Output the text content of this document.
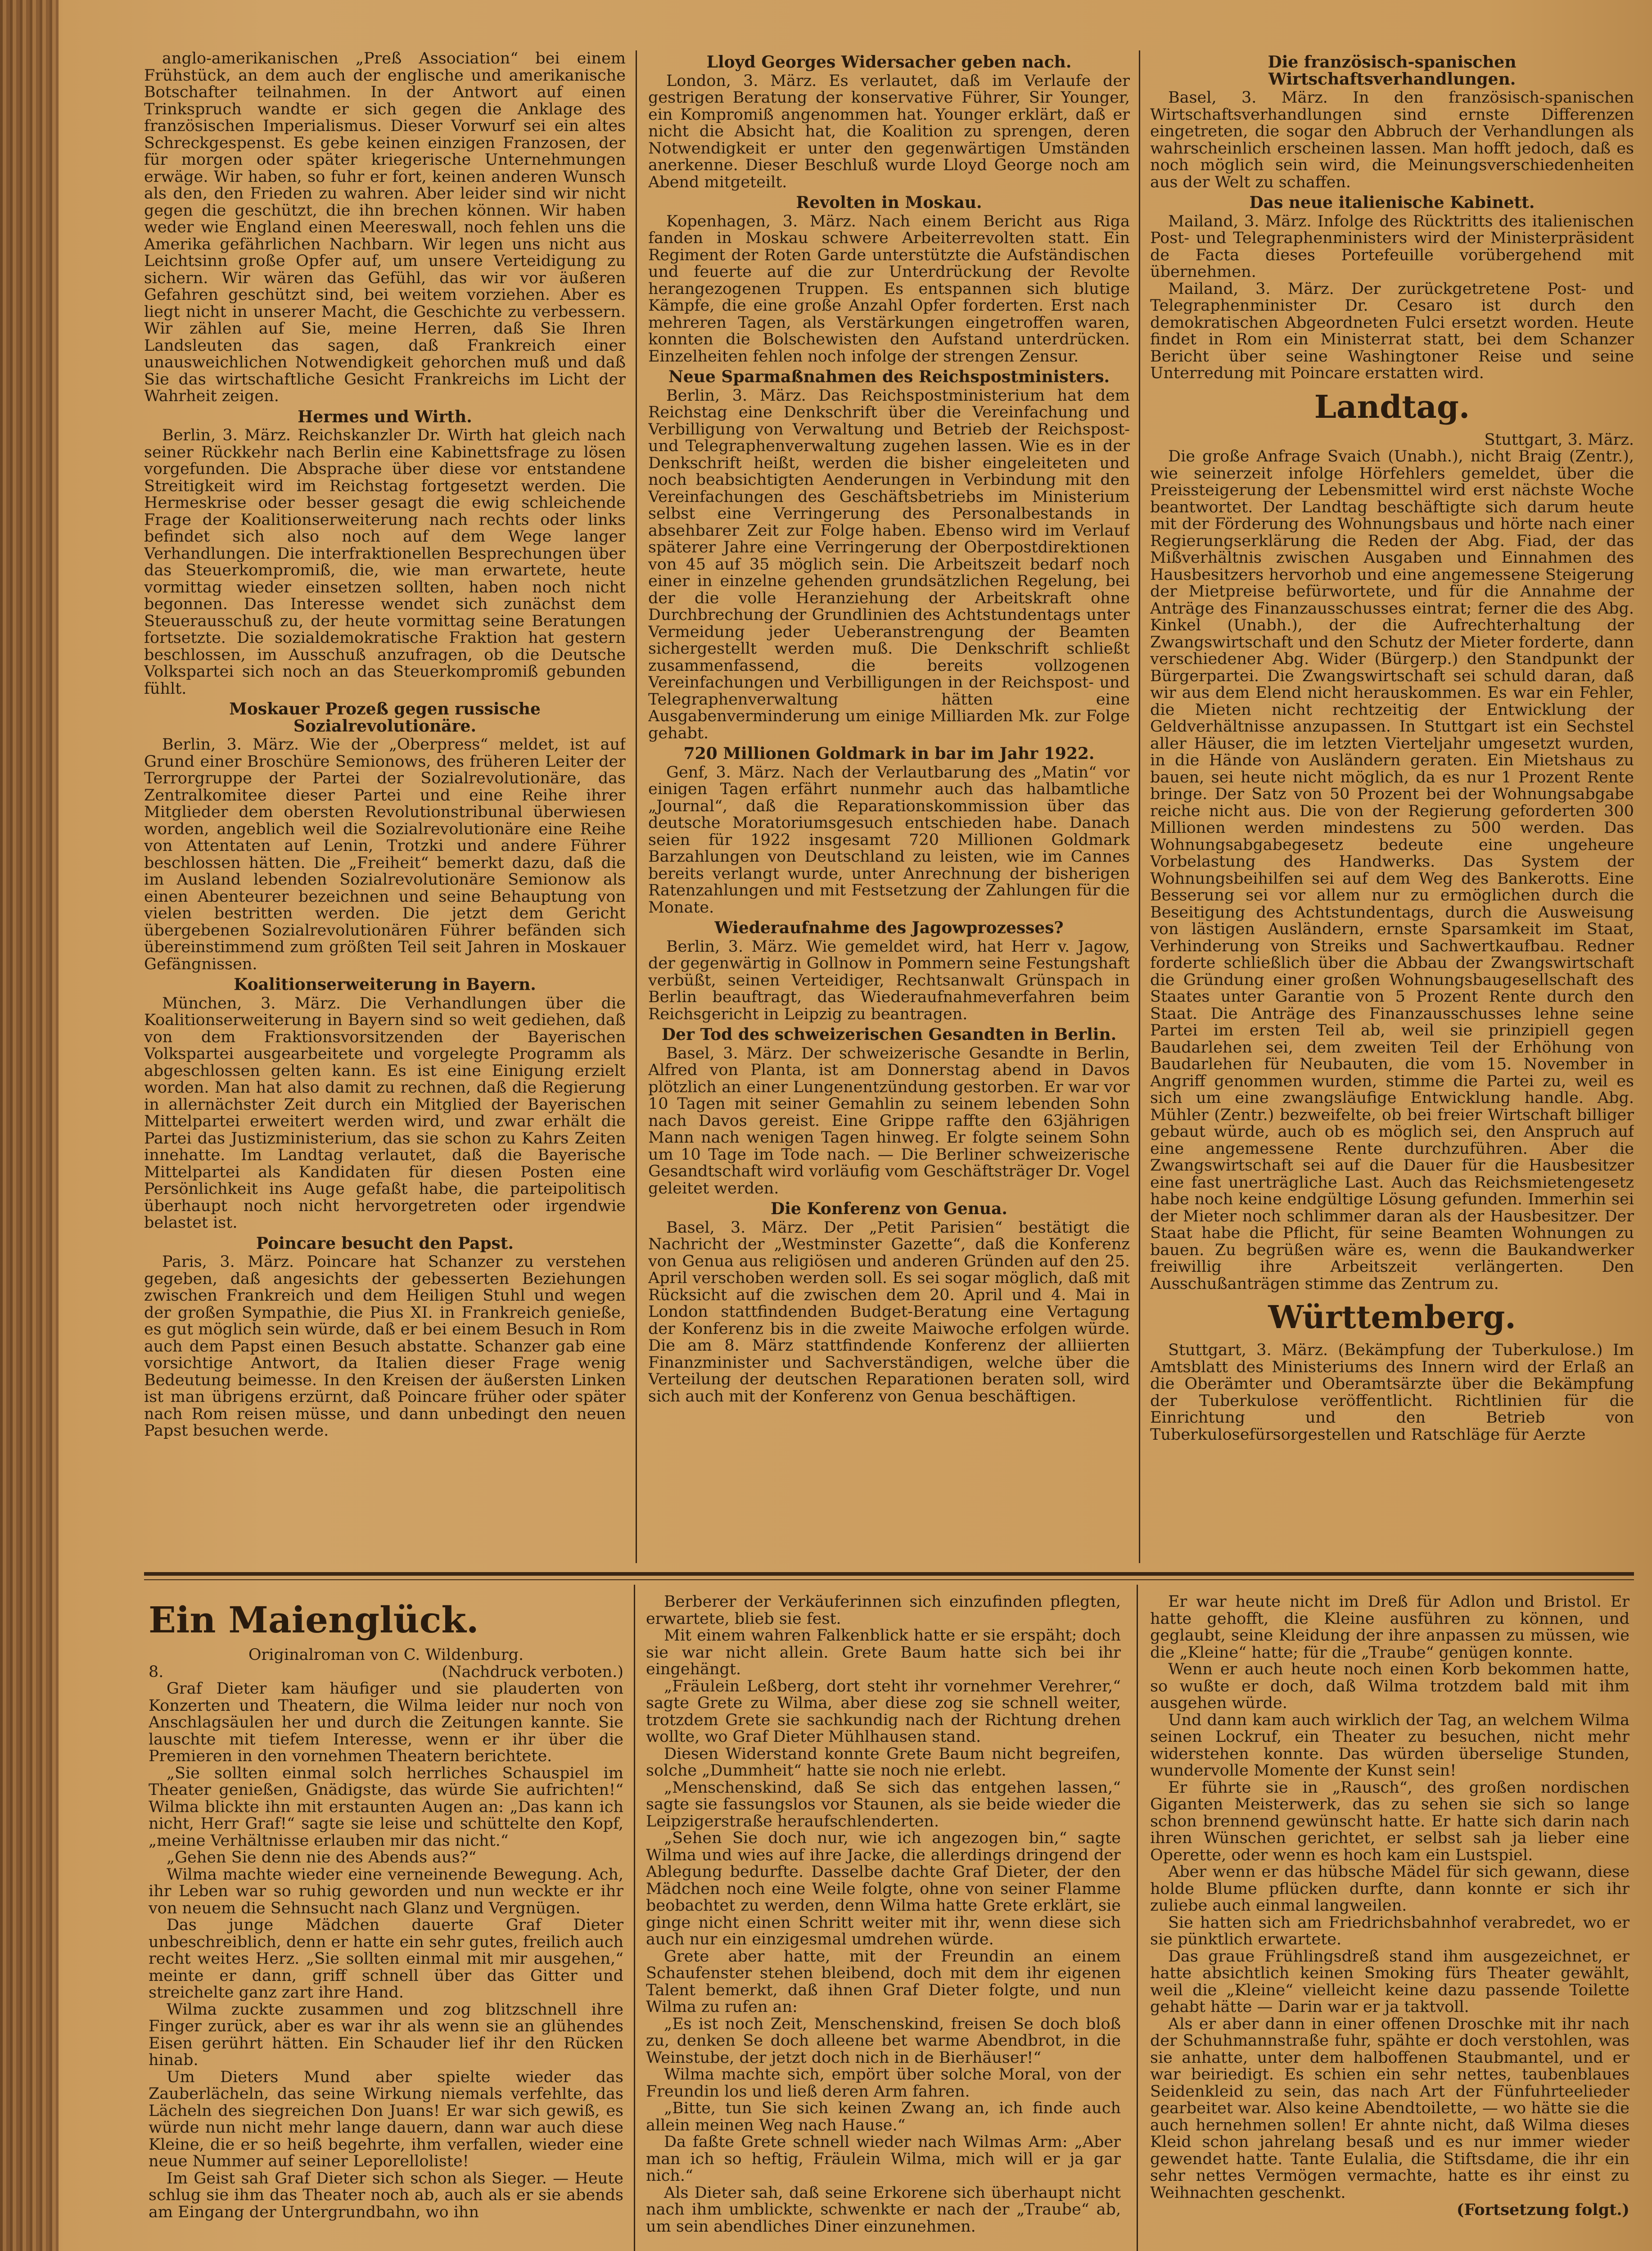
anglo-amerikanischen „Preß Association“ bei einem Frühstück, an dem auch der englische und amerikanische Botschafter teilnahmen. In der Antwort auf einen Trinkspruch wandte er sich gegen die Anklage des französischen Imperialismus. Dieser Vorwurf sei ein altes Schreckgespenst. Es gebe keinen einzigen Franzosen, der für morgen oder später kriegerische Unternehmungen erwäge. Wir haben, so fuhr er fort, keinen anderen Wunsch als den, den Frieden zu wahren. Aber leider sind wir nicht gegen die geschützt, die ihn brechen können. Wir haben weder wie England einen Meereswall, noch fehlen uns die Amerika gefährlichen Nachbarn. Wir legen uns nicht aus Leichtsinn große Opfer auf, um unsere Verteidigung zu sichern. Wir wären das Gefühl, das wir vor äußeren Gefahren geschützt sind, bei weitem vorziehen. Aber es liegt nicht in unserer Macht, die Geschichte zu verbessern. Wir zählen auf Sie, meine Herren, daß Sie Ihren Landsleuten das sagen, daß Frankreich einer unausweichlichen Notwendigkeit gehorchen muß und daß Sie das wirtschaftliche Gesicht Frankreichs im Licht der Wahrheit zeigen.

Hermes und Wirth.

Berlin, 3. März. Reichskanzler Dr. Wirth hat gleich nach seiner Rückkehr nach Berlin eine Kabinettsfrage zu lösen vorgefunden. Die Absprache über diese vor entstandene Streitigkeit wird im Reichstag fortgesetzt werden. Die Hermeskrise oder besser gesagt die ewig schleichende Frage der Koalitionserweiterung nach rechts oder links befindet sich also noch auf dem Wege langer Verhandlungen. Die interfraktionellen Besprechungen über das Steuerkompromiß, die, wie man erwartete, heute vormittag wieder einsetzen sollten, haben noch nicht begonnen. Das Interesse wendet sich zunächst dem Steuerausschuß zu, der heute vormittag seine Beratungen fortsetzte. Die sozialdemokratische Fraktion hat gestern beschlossen, im Ausschuß anzufragen, ob die Deutsche Volkspartei sich noch an das Steuerkompromiß gebunden fühlt.

Moskauer Prozeß gegen russische Sozialrevolutionäre.

Berlin, 3. März. Wie der „Oberpress“ meldet, ist auf Grund einer Broschüre Semionows, des früheren Leiter der Terrorgruppe der Partei der Sozialrevolutionäre, das Zentralkomitee dieser Partei und eine Reihe ihrer Mitglieder dem obersten Revolutionstribunal überwiesen worden, angeblich weil die Sozialrevolutionäre eine Reihe von Attentaten auf Lenin, Trotzki und andere Führer beschlossen hätten. Die „Freiheit“ bemerkt dazu, daß die im Ausland lebenden Sozialrevolutionäre Semionow als einen Abenteurer bezeichnen und seine Behauptung von vielen bestritten werden. Die jetzt dem Gericht übergebenen Sozialrevolutionären Führer befänden sich übereinstimmend zum größten Teil seit Jahren in Moskauer Gefängnissen.

Koalitionserweiterung in Bayern.

München, 3. März. Die Verhandlungen über die Koalitionserweiterung in Bayern sind so weit gediehen, daß von dem Fraktionsvorsitzenden der Bayerischen Volkspartei ausgearbeitete und vorgelegte Programm als abgeschlossen gelten kann. Es ist eine Einigung erzielt worden. Man hat also damit zu rechnen, daß die Regierung in allernächster Zeit durch ein Mitglied der Bayerischen Mittelpartei erweitert werden wird, und zwar erhält die Partei das Justizministerium, das sie schon zu Kahrs Zeiten innehatte. Im Landtag verlautet, daß die Bayerische Mittelpartei als Kandidaten für diesen Posten eine Persönlichkeit ins Auge gefaßt habe, die parteipolitisch überhaupt noch nicht hervorgetreten oder irgendwie belastet ist.

Poincare besucht den Papst.

Paris, 3. März. Poincare hat Schanzer zu verstehen gegeben, daß angesichts der gebesserten Beziehungen zwischen Frankreich und dem Heiligen Stuhl und wegen der großen Sympathie, die Pius XI. in Frankreich genieße, es gut möglich sein würde, daß er bei einem Besuch in Rom auch dem Papst einen Besuch abstatte. Schanzer gab eine vorsichtige Antwort, da Italien dieser Frage wenig Bedeutung beimesse. In den Kreisen der äußersten Linken ist man übrigens erzürnt, daß Poincare früher oder später nach Rom reisen müsse, und dann unbedingt den neuen Papst besuchen werde.

Lloyd Georges Widersacher geben nach.

London, 3. März. Es verlautet, daß im Verlaufe der gestrigen Beratung der konservative Führer, Sir Younger, ein Kompromiß angenommen hat. Younger erklärt, daß er nicht die Absicht hat, die Koalition zu sprengen, deren Notwendigkeit er unter den gegenwärtigen Umständen anerkenne. Dieser Beschluß wurde Lloyd George noch am Abend mitgeteilt.

Revolten in Moskau.

Kopenhagen, 3. März. Nach einem Bericht aus Riga fanden in Moskau schwere Arbeiterrevolten statt. Ein Regiment der Roten Garde unterstützte die Aufständischen und feuerte auf die zur Unterdrückung der Revolte herangezogenen Truppen. Es entspannen sich blutige Kämpfe, die eine große Anzahl Opfer forderten. Erst nach mehreren Tagen, als Verstärkungen eingetroffen waren, konnten die Bolschewisten den Aufstand unterdrücken. Einzelheiten fehlen noch infolge der strengen Zensur.

Neue Sparmaßnahmen des Reichspostministers.

Berlin, 3. März. Das Reichspostministerium hat dem Reichstag eine Denkschrift über die Vereinfachung und Verbilligung von Verwaltung und Betrieb der Reichspost- und Telegraphenverwaltung zugehen lassen. Wie es in der Denkschrift heißt, werden die bisher eingeleiteten und noch beabsichtigten Aenderungen in Verbindung mit den Vereinfachungen des Geschäftsbetriebs im Ministerium selbst eine Verringerung des Personalbestands in absehbarer Zeit zur Folge haben. Ebenso wird im Verlauf späterer Jahre eine Verringerung der Oberpostdirektionen von 45 auf 35 möglich sein. Die Arbeitszeit bedarf noch einer in einzelne gehenden grundsätzlichen Regelung, bei der die volle Heranziehung der Arbeitskraft ohne Durchbrechung der Grundlinien des Achtstundentags unter Vermeidung jeder Ueberanstrengung der Beamten sichergestellt werden muß. Die Denkschrift schließt zusammenfassend, die bereits vollzogenen Vereinfachungen und Verbilligungen in der Reichspost- und Telegraphenverwaltung hätten eine Ausgabenverminderung um einige Milliarden Mk. zur Folge gehabt.

720 Millionen Goldmark in bar im Jahr 1922.

Genf, 3. März. Nach der Verlautbarung des „Matin“ vor einigen Tagen erfährt nunmehr auch das halbamtliche „Journal“, daß die Reparationskommission über das deutsche Moratoriumsgesuch entschieden habe. Danach seien für 1922 insgesamt 720 Millionen Goldmark Barzahlungen von Deutschland zu leisten, wie im Cannes bereits verlangt wurde, unter Anrechnung der bisherigen Ratenzahlungen und mit Festsetzung der Zahlungen für die Monate.

Wiederaufnahme des Jagowprozesses?

Berlin, 3. März. Wie gemeldet wird, hat Herr v. Jagow, der gegenwärtig in Gollnow in Pommern seine Festungshaft verbüßt, seinen Verteidiger, Rechtsanwalt Grünspach in Berlin beauftragt, das Wiederaufnahmeverfahren beim Reichsgericht in Leipzig zu beantragen.

Der Tod des schweizerischen Gesandten in Berlin.

Basel, 3. März. Der schweizerische Gesandte in Berlin, Alfred von Planta, ist am Donnerstag abend in Davos plötzlich an einer Lungenentzündung gestorben. Er war vor 10 Tagen mit seiner Gemahlin zu seinem lebenden Sohn nach Davos gereist. Eine Grippe raffte den 63jährigen Mann nach wenigen Tagen hinweg. Er folgte seinem Sohn um 10 Tage im Tode nach. — Die Berliner schweizerische Gesandtschaft wird vorläufig vom Geschäftsträger Dr. Vogel geleitet werden.

Die Konferenz von Genua.

Basel, 3. März. Der „Petit Parisien“ bestätigt die Nachricht der „Westminster Gazette“, daß die Konferenz von Genua aus religiösen und anderen Gründen auf den 25. April verschoben werden soll. Es sei sogar möglich, daß mit Rücksicht auf die zwischen dem 20. April und 4. Mai in London stattfindenden Budget-Beratung eine Vertagung der Konferenz bis in die zweite Maiwoche erfolgen würde. Die am 8. März stattfindende Konferenz der alliierten Finanzminister und Sachverständigen, welche über die Verteilung der deutschen Reparationen beraten soll, wird sich auch mit der Konferenz von Genua beschäftigen.

Die französisch-spanischen Wirtschaftsverhandlungen.

Basel, 3. März. In den französisch-spanischen Wirtschaftsverhandlungen sind ernste Differenzen eingetreten, die sogar den Abbruch der Verhandlungen als wahrscheinlich erscheinen lassen. Man hofft jedoch, daß es noch möglich sein wird, die Meinungsverschiedenheiten aus der Welt zu schaffen.

Das neue italienische Kabinett.

Mailand, 3. März. Infolge des Rücktritts des italienischen Post- und Telegraphenministers wird der Ministerpräsident de Facta dieses Portefeuille vorübergehend mit übernehmen.

Mailand, 3. März. Der zurückgetretene Post- und Telegraphenminister Dr. Cesaro ist durch den demokratischen Abgeordneten Fulci ersetzt worden. Heute findet in Rom ein Ministerrat statt, bei dem Schanzer Bericht über seine Washingtoner Reise und seine Unterredung mit Poincare erstatten wird.

Landtag.

Stuttgart, 3. März.

Die große Anfrage Svaich (Unabh.), nicht Braig (Zentr.), wie seinerzeit infolge Hörfehlers gemeldet, über die Preissteigerung der Lebensmittel wird erst nächste Woche beantwortet. Der Landtag beschäftigte sich darum heute mit der Förderung des Wohnungsbaus und hörte nach einer Regierungserklärung die Reden der Abg. Fiad, der das Mißverhältnis zwischen Ausgaben und Einnahmen des Hausbesitzers hervorhob und eine angemessene Steigerung der Mietpreise befürwortete, und für die Annahme der Anträge des Finanzausschusses eintrat; ferner die des Abg. Kinkel (Unabh.), der die Aufrechterhaltung der Zwangswirtschaft und den Schutz der Mieter forderte, dann verschiedener Abg. Wider (Bürgerp.) den Standpunkt der Bürgerpartei. Die Zwangswirtschaft sei schuld daran, daß wir aus dem Elend nicht herauskommen. Es war ein Fehler, die Mieten nicht rechtzeitig der Entwicklung der Geldverhältnisse anzupassen. In Stuttgart ist ein Sechstel aller Häuser, die im letzten Vierteljahr umgesetzt wurden, in die Hände von Ausländern geraten. Ein Mietshaus zu bauen, sei heute nicht möglich, da es nur 1 Prozent Rente bringe. Der Satz von 50 Prozent bei der Wohnungsabgabe reiche nicht aus. Die von der Regierung geforderten 300 Millionen werden mindestens zu 500 werden. Das Wohnungsabgabegesetz bedeute eine ungeheure Vorbelastung des Handwerks. Das System der Wohnungsbeihilfen sei auf dem Weg des Bankerotts. Eine Besserung sei vor allem nur zu ermöglichen durch die Beseitigung des Achtstundentags, durch die Ausweisung von lästigen Ausländern, ernste Sparsamkeit im Staat, Verhinderung von Streiks und Sachwertkaufbau. Redner forderte schließlich über die Abbau der Zwangswirtschaft die Gründung einer großen Wohnungsbaugesellschaft des Staates unter Garantie von 5 Prozent Rente durch den Staat. Die Anträge des Finanzausschusses lehne seine Partei im ersten Teil ab, weil sie prinzipiell gegen Baudarlehen sei, dem zweiten Teil der Erhöhung von Baudarlehen für Neubauten, die vom 15. November in Angriff genommen wurden, stimme die Partei zu, weil es sich um eine zwangsläufige Entwicklung handle. Abg. Mühler (Zentr.) bezweifelte, ob bei freier Wirtschaft billiger gebaut würde, auch ob es möglich sei, den Anspruch auf eine angemessene Rente durchzuführen. Aber die Zwangswirtschaft sei auf die Dauer für die Hausbesitzer eine fast unerträgliche Last. Auch das Reichsmietengesetz habe noch keine endgültige Lösung gefunden. Immerhin sei der Mieter noch schlimmer daran als der Hausbesitzer. Der Staat habe die Pflicht, für seine Beamten Wohnungen zu bauen. Zu begrüßen wäre es, wenn die Baukandwerker freiwillig ihre Arbeitszeit verlängerten. Den Ausschußanträgen stimme das Zentrum zu.

Württemberg.

Stuttgart, 3. März. (Bekämpfung der Tuberkulose.) Im Amtsblatt des Ministeriums des Innern wird der Erlaß an die Oberämter und Oberamtsärzte über die Bekämpfung der Tuberkulose veröffentlicht. Richtlinien für die Einrichtung und den Betrieb von Tuberkulosefürsorgestellen und Ratschläge für Aerzte

Ein Maienglück.

Originalroman von C. Wildenburg.

8.	(Nachdruck verboten.)

Graf Dieter kam häufiger und sie plauderten von Konzerten und Theatern, die Wilma leider nur noch von Anschlagsäulen her und durch die Zeitungen kannte. Sie lauschte mit tiefem Interesse, wenn er ihr über die Premieren in den vornehmen Theatern berichtete.

„Sie sollten einmal solch herrliches Schauspiel im Theater genießen, Gnädigste, das würde Sie aufrichten!“ Wilma blickte ihn mit erstaunten Augen an: „Das kann ich nicht, Herr Graf!“ sagte sie leise und schüttelte den Kopf, „meine Verhältnisse erlauben mir das nicht.“

„Gehen Sie denn nie des Abends aus?“

Wilma machte wieder eine verneinende Bewegung. Ach, ihr Leben war so ruhig geworden und nun weckte er ihr von neuem die Sehnsucht nach Glanz und Vergnügen.

Das junge Mädchen dauerte Graf Dieter unbeschreiblich, denn er hatte ein sehr gutes, freilich auch recht weites Herz. „Sie sollten einmal mit mir ausgehen,“ meinte er dann, griff schnell über das Gitter und streichelte ganz zart ihre Hand.

Wilma zuckte zusammen und zog blitzschnell ihre Finger zurück, aber es war ihr als wenn sie an glühendes Eisen gerührt hätten. Ein Schauder lief ihr den Rücken hinab.

Um Dieters Mund aber spielte wieder das Zauberlächeln, das seine Wirkung niemals verfehlte, das Lächeln des siegreichen Don Juans! Er war sich gewiß, es würde nun nicht mehr lange dauern, dann war auch diese Kleine, die er so heiß begehrte, ihm verfallen, wieder eine neue Nummer auf seiner Leporelloliste!

Im Geist sah Graf Dieter sich schon als Sieger. — Heute schlug sie ihm das Theater noch ab, auch als er sie abends am Eingang der Untergrundbahn, wo ihn

Berberer der Verkäuferinnen sich einzufinden pflegten, erwartete, blieb sie fest.

Mit einem wahren Falkenblick hatte er sie erspäht; doch sie war nicht allein. Grete Baum hatte sich bei ihr eingehängt.

„Fräulein Leßberg, dort steht ihr vornehmer Verehrer,“ sagte Grete zu Wilma, aber diese zog sie schnell weiter, trotzdem Grete sie sachkundig nach der Richtung drehen wollte, wo Graf Dieter Mühlhausen stand.

Diesen Widerstand konnte Grete Baum nicht begreifen, solche „Dummheit“ hatte sie noch nie erlebt.

„Menschenskind, daß Se sich das entgehen lassen,“ sagte sie fassungslos vor Staunen, als sie beide wieder die Leipzigerstraße heraufschlenderten.

„Sehen Sie doch nur, wie ich angezogen bin,“ sagte Wilma und wies auf ihre Jacke, die allerdings dringend der Ablegung bedurfte. Dasselbe dachte Graf Dieter, der den Mädchen noch eine Weile folgte, ohne von seiner Flamme beobachtet zu werden, denn Wilma hatte Grete erklärt, sie ginge nicht einen Schritt weiter mit ihr, wenn diese sich auch nur ein einzigesmal umdrehen würde.

Grete aber hatte, mit der Freundin an einem Schaufenster stehen bleibend, doch mit dem ihr eigenen Talent bemerkt, daß ihnen Graf Dieter folgte, und nun Wilma zu rufen an:

„Es ist noch Zeit, Menschenskind, freisen Se doch bloß zu, denken Se doch alleene bet warme Abendbrot, in die Weinstube, der jetzt doch nich in de Bierhäuser!“

Wilma machte sich, empört über solche Moral, von der Freundin los und ließ deren Arm fahren.

„Bitte, tun Sie sich keinen Zwang an, ich finde auch allein meinen Weg nach Hause.“

Da faßte Grete schnell wieder nach Wilmas Arm: „Aber man ich so heftig, Fräulein Wilma, mich will er ja gar nich.“

Als Dieter sah, daß seine Erkorene sich überhaupt nicht nach ihm umblickte, schwenkte er nach der „Traube“ ab, um sein abendliches Diner einzunehmen.

Er war heute nicht im Dreß für Adlon und Bristol. Er hatte gehofft, die Kleine ausführen zu können, und geglaubt, seine Kleidung der ihre anpassen zu müssen, wie die „Kleine“ hatte; für die „Traube“ genügen konnte.

Wenn er auch heute noch einen Korb bekommen hatte, so wußte er doch, daß Wilma trotzdem bald mit ihm ausgehen würde.

Und dann kam auch wirklich der Tag, an welchem Wilma seinen Lockruf, ein Theater zu besuchen, nicht mehr widerstehen konnte. Das würden überselige Stunden, wundervolle Momente der Kunst sein!

Er führte sie in „Rausch“, des großen nordischen Giganten Meisterwerk, das zu sehen sie sich so lange schon brennend gewünscht hatte. Er hatte sich darin nach ihren Wünschen gerichtet, er selbst sah ja lieber eine Operette, oder wenn es hoch kam ein Lustspiel.

Aber wenn er das hübsche Mädel für sich gewann, diese holde Blume pflücken durfte, dann konnte er sich ihr zuliebe auch einmal langweilen.

Sie hatten sich am Friedrichsbahnhof verabredet, wo er sie pünktlich erwartete.

Das graue Frühlingsdreß stand ihm ausgezeichnet, er hatte absichtlich keinen Smoking fürs Theater gewählt, weil die „Kleine“ vielleicht keine dazu passende Toilette gehabt hätte — Darin war er ja taktvoll.

Als er aber dann in einer offenen Droschke mit ihr nach der Schuhmannstraße fuhr, spähte er doch verstohlen, was sie anhatte, unter dem halboffenen Staubmantel, und er war beiriedigt. Es schien ein sehr nettes, taubenblaues Seidenkleid zu sein, das nach Art der Fünfuhrteelieder gearbeitet war. Also keine Abendtoilette, — wo hätte sie die auch hernehmen sollen! Er ahnte nicht, daß Wilma dieses Kleid schon jahrelang besaß und es nur immer wieder gewendet hatte. Tante Eulalia, die Stiftsdame, die ihr ein sehr nettes Vermögen vermachte, hatte es ihr einst zu Weihnachten geschenkt.

(Fortsetzung folgt.)
